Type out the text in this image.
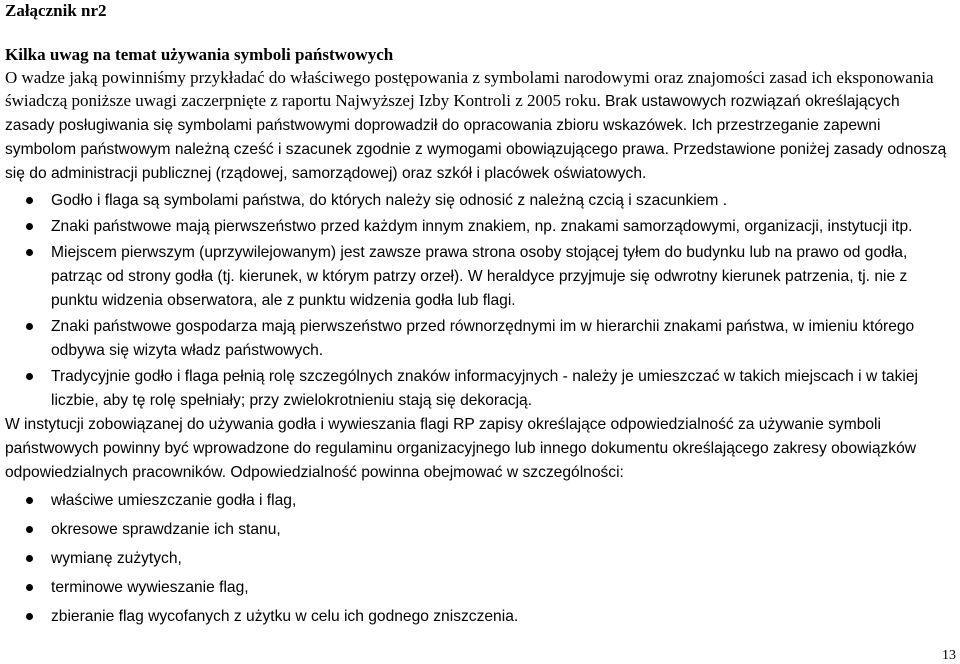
Załącznik nr2
Kilka uwag na temat używania symboli państwowych
O wadze jaką powinniśmy przykładać do właściwego postępowania z symbolami narodowymi oraz znajomości zasad ich eksponowania świadczą poniższe uwagi zaczerpnięte z raportu Najwyższej Izby Kontroli z 2005 roku. Brak ustawowych rozwiązań określających zasady posługiwania się symbolami państwowymi doprowadził do opracowania zbioru wskazówek. Ich przestrzeganie zapewni symbolom państwowym należną cześć i szacunek zgodnie z wymogami obowiązującego prawa. Przedstawione poniżej zasady odnoszą się do administracji publicznej (rządowej, samorządowej) oraz szkół i placówek oświatowych.
Godło i flaga są symbolami państwa, do których należy się odnosić z należną czcią i szacunkiem .
Znaki państwowe mają pierwszeństwo przed każdym innym znakiem, np. znakami samorządowymi, organizacji, instytucji itp.
Miejscem pierwszym (uprzywilejowanym) jest zawsze prawa strona osoby stojącej tyłem do budynku lub na prawo od godła, patrząc od strony godła (tj. kierunek, w którym patrzy orzeł). W heraldyce przyjmuje się odwrotny kierunek patrzenia, tj. nie z punktu widzenia obserwatora, ale z punktu widzenia godła lub flagi.
Znaki państwowe gospodarza mają pierwszeństwo przed równorzędnymi im w hierarchii znakami państwa, w imieniu którego odbywa się wizyta władz państwowych.
Tradycyjnie godło i flaga pełnią rolę szczególnych znaków informacyjnych - należy je umieszczać w takich miejscach i w takiej liczbie, aby tę rolę spełniały; przy zwielokrotnieniu stają się dekoracją.
W instytucji zobowiązanej do używania godła i wywieszania flagi RP zapisy określające odpowiedzialność za używanie symboli państwowych powinny być wprowadzone do regulaminu organizacyjnego lub innego dokumentu określającego zakresy obowiązków odpowiedzialnych pracowników. Odpowiedzialność powinna obejmować w szczególności:
właściwe umieszczanie godła i flag,
okresowe sprawdzanie ich stanu,
wymianę zużytych,
terminowe wywieszanie flag,
zbieranie flag wycofanych z użytku w celu ich godnego zniszczenia.
13
